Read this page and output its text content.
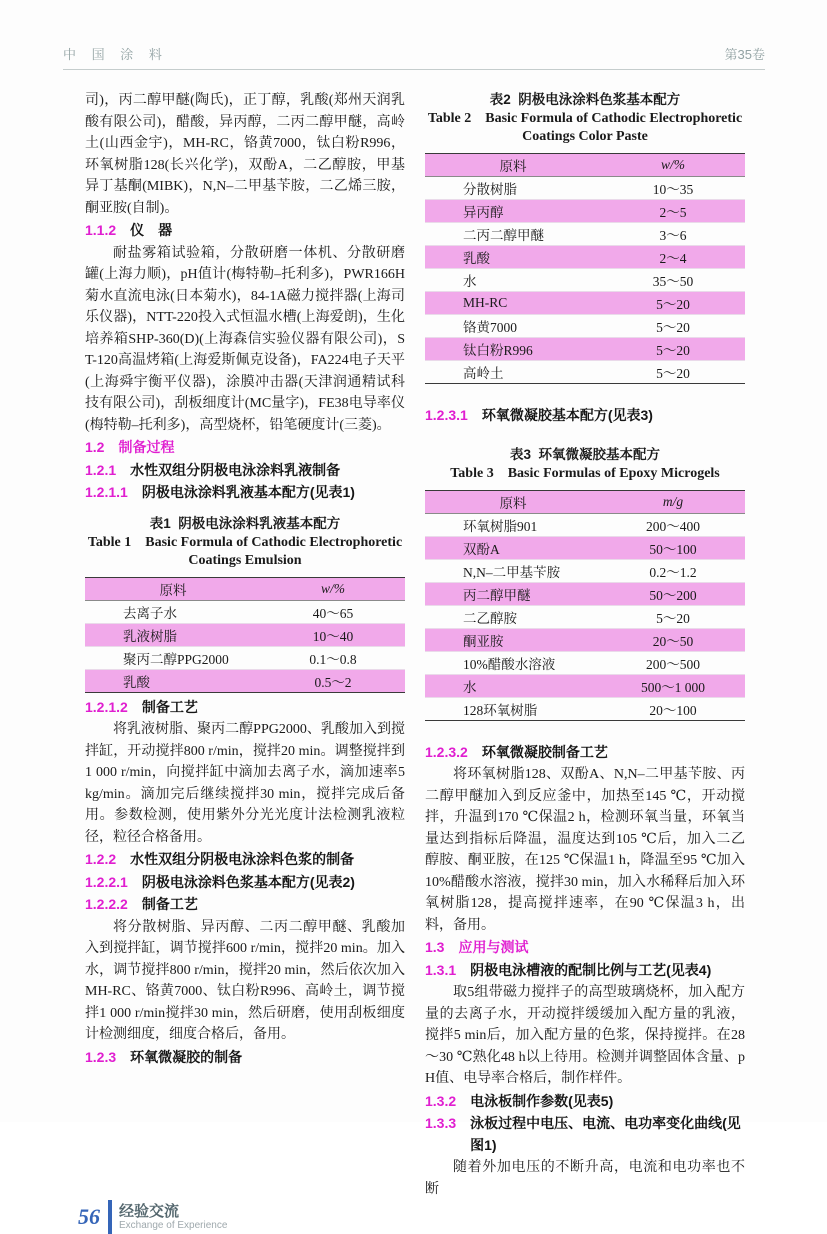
中 国 涂 料	第35卷

司)，丙二醇甲醚(陶氏)，正丁醇，乳酸(郑州天润乳酸有限公司)，醋酸，异丙醇，二丙二醇甲醚，高岭土(山西金宇)，MH-RC，铬黄7000，钛白粉R996，环氧树脂128(长兴化学)，双酚A，二乙醇胺，甲基异丁基酮(MIBK)，N,N–二甲基苄胺，二乙烯三胺，酮亚胺(自制)。

1.1.2 仪　器

耐盐雾箱试验箱，分散研磨一体机、分散研磨罐(上海力顺)，pH值计(梅特勒–托利多)，PWR166H菊水直流电泳(日本菊水)，84-1A磁力搅拌器(上海司乐仪器)，NTT-220投入式恒温水槽(上海爱朗)，生化培养箱SHP-360(D)(上海森信实验仪器有限公司)，ST-120高温烤箱(上海爱斯佩克设备)，FA224电子天平(上海舜宇衡平仪器)，涂膜冲击器(天津润通精试科技有限公司)，刮板细度计(MC量字)，FE38电导率仪(梅特勒–托利多)，高型烧杯，铅笔硬度计(三菱)。

1.2 制备过程
1.2.1 水性双组分阴极电泳涂料乳液制备
1.2.1.1 阴极电泳涂料乳液基本配方(见表1)
表1  阴极电泳涂料乳液基本配方
Table 1    Basic Formula of Cathodic Electrophoretic
Coatings Emulsion
原料	w/%
去离子水	40～65
乳液树脂	10～40
聚丙二醇PPG2000	0.1～0.8
乳酸	0.5～2
1.2.1.2 制备工艺

将乳液树脂、聚丙二醇PPG2000、乳酸加入到搅拌缸，开动搅拌800 r/min，搅拌20 min。调整搅拌到1 000 r/min，向搅拌缸中滴加去离子水，滴加速率5 kg/min。滴加完后继续搅拌30 min，搅拌完成后备用。参数检测，使用紫外分光光度计法检测乳液粒径，粒径合格备用。

1.2.2 水性双组分阴极电泳涂料色浆的制备
1.2.2.1 阴极电泳涂料色浆基本配方(见表2)
1.2.2.2 制备工艺

将分散树脂、异丙醇、二丙二醇甲醚、乳酸加入到搅拌缸，调节搅拌600 r/min，搅拌20 min。加入水，调节搅拌800 r/min，搅拌20 min，然后依次加入MH-RC、铬黄7000、钛白粉R996、高岭土，调节搅拌1 000 r/min搅拌30 min，然后研磨，使用刮板细度计检测细度，细度合格后，备用。

1.2.3 环氧微凝胶的制备
表2  阴极电泳涂料色浆基本配方
Table 2    Basic Formula of Cathodic Electrophoretic
Coatings Color Paste
原料	w/%
分散树脂	10～35
异丙醇	2～5
二丙二醇甲醚	3～6
乳酸	2～4
水	35～50
MH-RC	5～20
铬黄7000	5～20
钛白粉R996	5～20
高岭土	5～20
1.2.3.1 环氧微凝胶基本配方(见表3)
表3  环氧微凝胶基本配方
Table 3    Basic Formulas of Epoxy Microgels
原料	m/g
环氧树脂901	200～400
双酚A	50～100
N,N–二甲基苄胺	0.2～1.2
丙二醇甲醚	50～200
二乙醇胺	5～20
酮亚胺	20～50
10%醋酸水溶液	200～500
水	500～1 000
128环氧树脂	20～100
1.2.3.2 环氧微凝胶制备工艺

将环氧树脂128、双酚A、N,N–二甲基苄胺、丙二醇甲醚加入到反应釜中，加热至145 ℃，开动搅拌，升温到170 ℃保温2 h，检测环氧当量，环氧当量达到指标后降温，温度达到105 ℃后，加入二乙醇胺、酮亚胺，在125 ℃保温1 h，降温至95 ℃加入10%醋酸水溶液，搅拌30 min，加入水稀释后加入环氧树脂128，提高搅拌速率，在90 ℃保温3 h，出料，备用。

1.3 应用与测试
1.3.1 阴极电泳槽液的配制比例与工艺(见表4)

取5组带磁力搅拌子的高型玻璃烧杯，加入配方量的去离子水，开动搅拌缓缓加入配方量的乳液，搅拌5 min后，加入配方量的色浆，保持搅拌。在28～30 ℃熟化48 h以上待用。检测并调整固体含量、pH值、电导率合格后，制作样件。

1.3.2 电泳板制作参数(见表5)
1.3.3 泳板过程中电压、电流、电功率变化曲线(见图1)

随着外加电压的不断升高，电流和电功率也不断

56 经验交流
Exchange of Experience
